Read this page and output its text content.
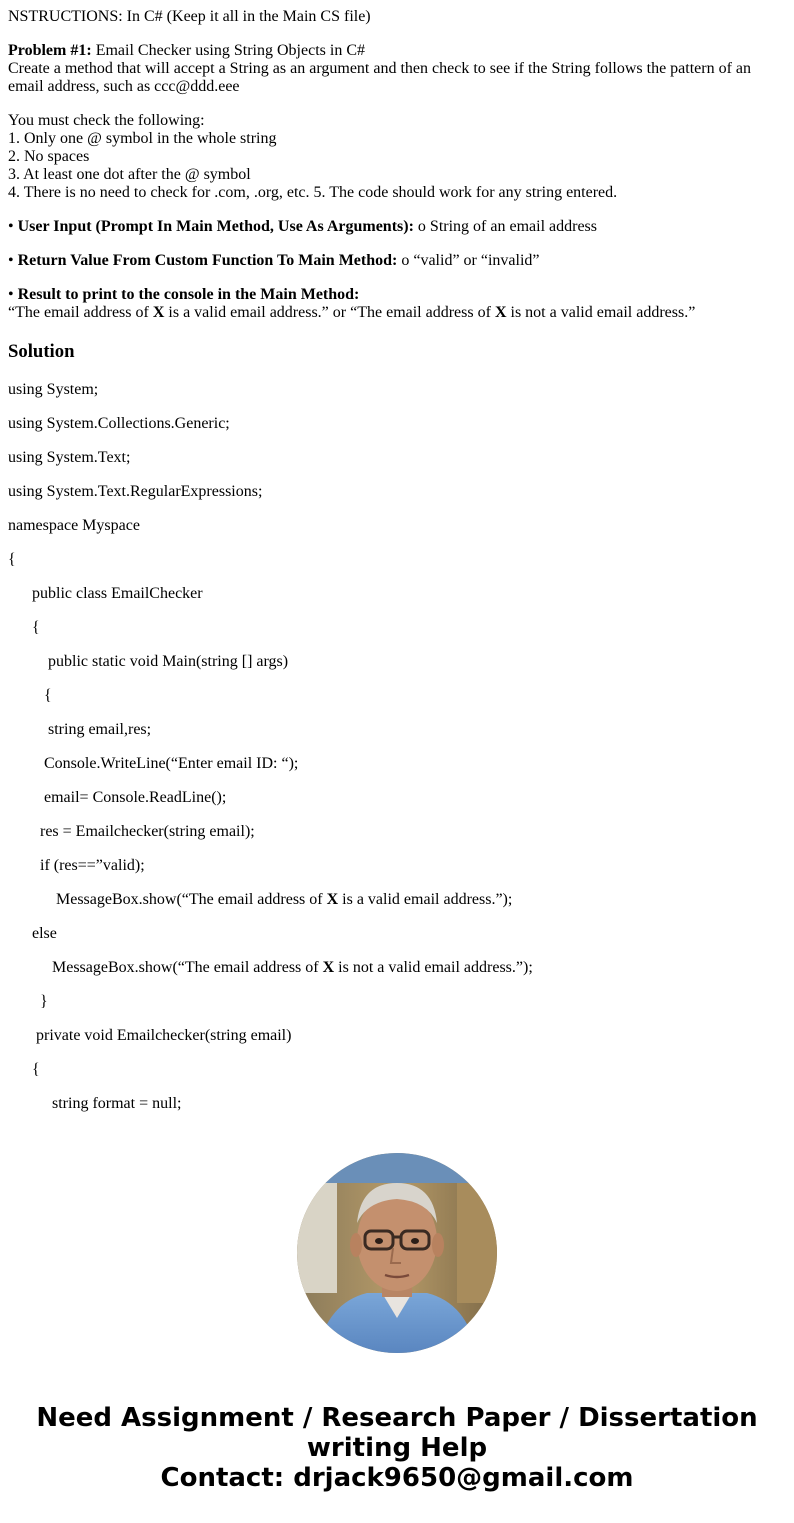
NSTRUCTIONS: In C# (Keep it all in the Main CS file)

Problem #1: Email Checker using String Objects in C#

Create a method that will accept a String as an argument and then check to see if the String follows the pattern of an

email address, such as ccc@ddd.eee

You must check the following:

1. Only one @ symbol in the whole string

2. No spaces

3. At least one dot after the @ symbol

4. There is no need to check for .com, .org, etc. 5. The code should work for any string entered.

• User Input (Prompt In Main Method, Use As Arguments): o String of an email address

• Return Value From Custom Function To Main Method: o “valid” or “invalid”

• Result to print to the console in the Main Method:

“The email address of X is a valid email address.” or “The email address of X is not a valid email address.”

Solution
using System;
using System.Collections.Generic;
using System.Text;
using System.Text.RegularExpressions;
namespace Myspace
{
public class EmailChecker
{
public static void Main(string [] args)
{
string email,res;
Console.WriteLine(“Enter email ID: “);
email= Console.ReadLine();
res = Emailchecker(string email);
if (res==”valid);
MessageBox.show(“The email address of X is a valid email address.”);
else
MessageBox.show(“The email address of X is not a valid email address.”);
}
private void Emailchecker(string email)
{
string format = null;
Need Assignment / Research Paper / Dissertation
writing Help
Contact: drjack9650@gmail.com
